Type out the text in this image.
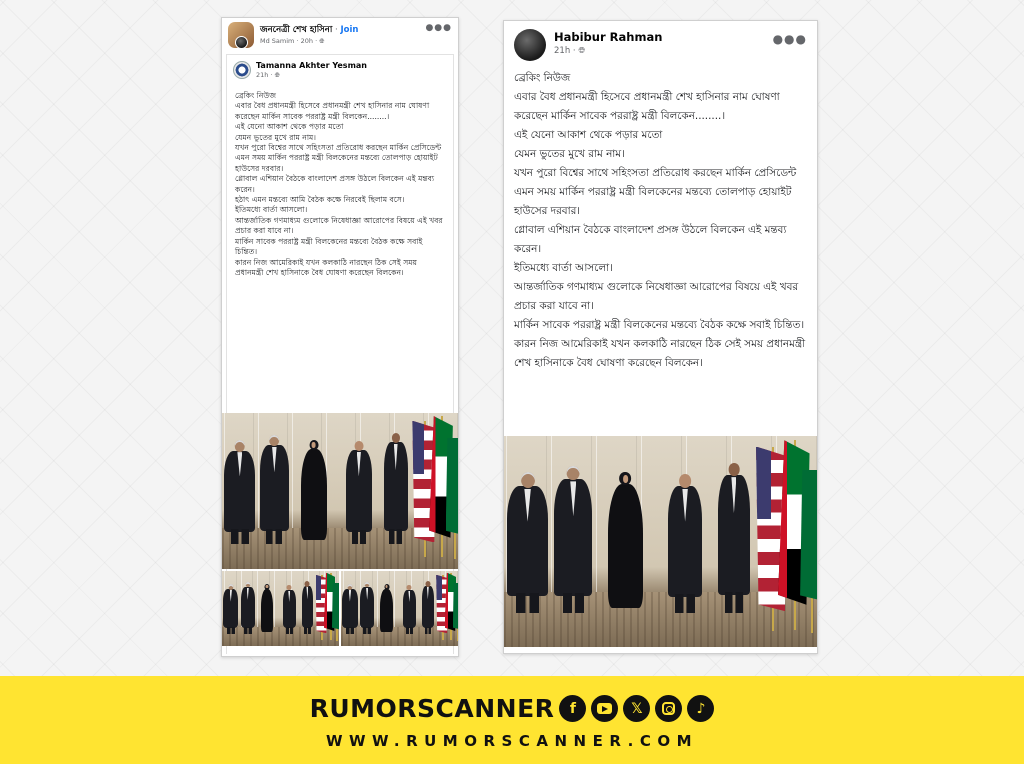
জননেত্রী শেখ হাসিনা · Join
Md Samim · 20h · 🌐︎
●●●
Tamanna Akhter Yesman
21h · 🌐︎

ব্রেকিং নিউজ

এবার বৈধ প্রধানমন্ত্রী হিসেবে প্রধানমন্ত্রী শেখ হাসিনার নাম ঘোষণা করেছেন মার্কিন সাবেক পররাষ্ট্র মন্ত্রী বিলকেন........।

এই যেনো আকাশ থেকে পড়ার মতো

যেমন ভুতের মুখে রাম নাম।

যখন পুরো বিশ্বের সাথে সহিংসতা প্রতিরোধ করছেন মার্কিন প্রেসিডেন্ট এমন সময় মার্কিন পররাষ্ট্র মন্ত্রী বিলকেনের মন্তব্যে তোলপাড় হোয়াইট হাউসের দরবার।

গ্লোবাল এশিয়ান বৈঠকে বাংলাদেশ প্রসঙ্গ উঠলে বিলকেন এই মন্তব্য করেন।

হঠাৎ এমন মন্তব্যে আমি বৈঠক কক্ষে নিরবেই ছিলাম বসে।

ইতিমধ্যে বার্তা আসলো।

আন্তর্জাতিক গণমাধ্যম গুলোকে নিষেধাজ্ঞা আরোপের বিষয়ে এই খবর প্রচার করা যাবে না।

মার্কিন সাবেক পররাষ্ট্র মন্ত্রী বিলকেনের মন্তব্যে বৈঠক কক্ষে সবাই চিন্তিত।

কারন নিজ আমেরিকাই যখন কলকাঠি নারছেন ঠিক সেই সময় প্রধানমন্ত্রী শেখ হাসিনাকে বৈধ ঘোষণা করেছেন বিলকেন।

Habibur Rahman
21h · 🌐︎
●●●

ব্রেকিং নিউজ

এবার বৈধ প্রধানমন্ত্রী হিসেবে প্রধানমন্ত্রী শেখ হাসিনার নাম ঘোষণা করেছেন মার্কিন সাবেক পররাষ্ট্র মন্ত্রী বিলকেন........।

এই যেনো আকাশ থেকে পড়ার মতো

যেমন ভুতের মুখে রাম নাম।

যখন পুরো বিশ্বের সাথে সহিংসতা প্রতিরোধ করছেন মার্কিন প্রেসিডেন্ট এমন সময় মার্কিন পররাষ্ট্র মন্ত্রী বিলকেনের মন্তব্যে তোলপাড় হোয়াইট হাউসের দরবার।

গ্লোবাল এশিয়ান বৈঠকে বাংলাদেশ প্রসঙ্গ উঠলে বিলকেন এই মন্তব্য করেন।

ইতিমধ্যে বার্তা আসলো।

আন্তর্জাতিক গণমাধ্যম গুলোকে নিষেধাজ্ঞা আরোপের বিষয়ে এই খবর প্রচার করা যাবে না।

মার্কিন সাবেক পররাষ্ট্র মন্ত্রী বিলকেনের মন্তব্যে বৈঠক কক্ষে সবাই চিন্তিত।

কারন নিজ আমেরিকাই যখন কলকাঠি নারছেন ঠিক সেই সময় প্রধানমন্ত্রী শেখ হাসিনাকে বৈধ ঘোষণা করেছেন বিলকেন।

RUMORSCANNER f	𝕏	♪
WWW.RUMORSCANNER.COM
